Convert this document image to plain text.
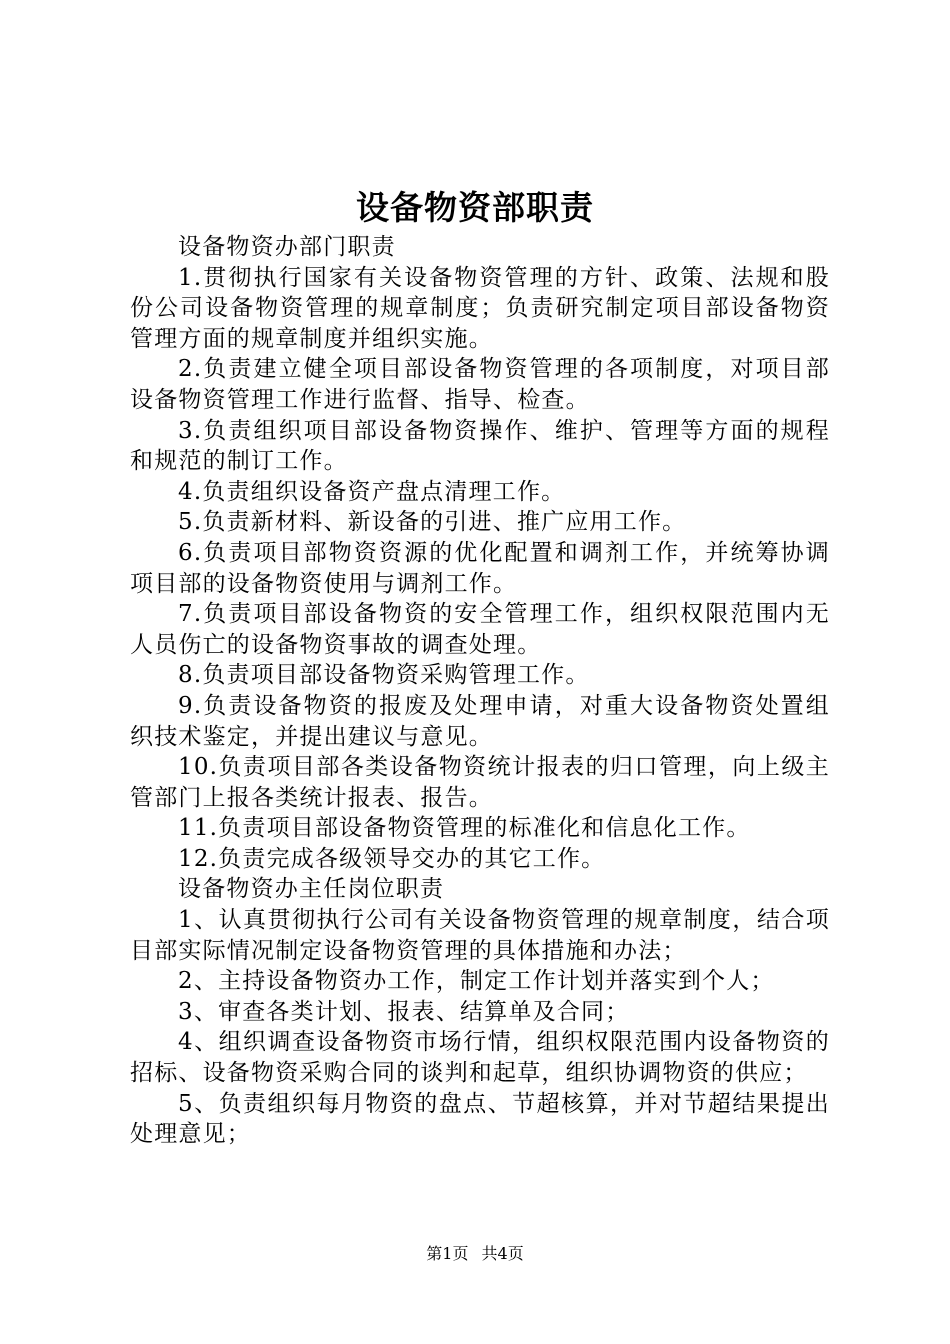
设备物资部职责

设备物资办部门职责

1.贯彻执行国家有关设备物资管理的方针、政策、法规和股份公司设备物资管理的规章制度；负责研究制定项目部设备物资管理方面的规章制度并组织实施。

2.负责建立健全项目部设备物资管理的各项制度，对项目部设备物资管理工作进行监督、指导、检查。

3.负责组织项目部设备物资操作、维护、管理等方面的规程和规范的制订工作。

4.负责组织设备资产盘点清理工作。

5.负责新材料、新设备的引进、推广应用工作。

6.负责项目部物资资源的优化配置和调剂工作，并统筹协调项目部的设备物资使用与调剂工作。

7.负责项目部设备物资的安全管理工作，组织权限范围内无人员伤亡的设备物资事故的调查处理。

8.负责项目部设备物资采购管理工作。

9.负责设备物资的报废及处理申请，对重大设备物资处置组织技术鉴定，并提出建议与意见。

10.负责项目部各类设备物资统计报表的归口管理，向上级主管部门上报各类统计报表、报告。

11.负责项目部设备物资管理的标准化和信息化工作。

12.负责完成各级领导交办的其它工作。

设备物资办主任岗位职责

1、认真贯彻执行公司有关设备物资管理的规章制度，结合项目部实际情况制定设备物资管理的具体措施和办法；

2、主持设备物资办工作，制定工作计划并落实到个人；

3、审查各类计划、报表、结算单及合同；

4、组织调查设备物资市场行情，组织权限范围内设备物资的招标、设备物资采购合同的谈判和起草，组织协调物资的供应；

5、负责组织每月物资的盘点、节超核算，并对节超结果提出处理意见；

第1页 共4页
